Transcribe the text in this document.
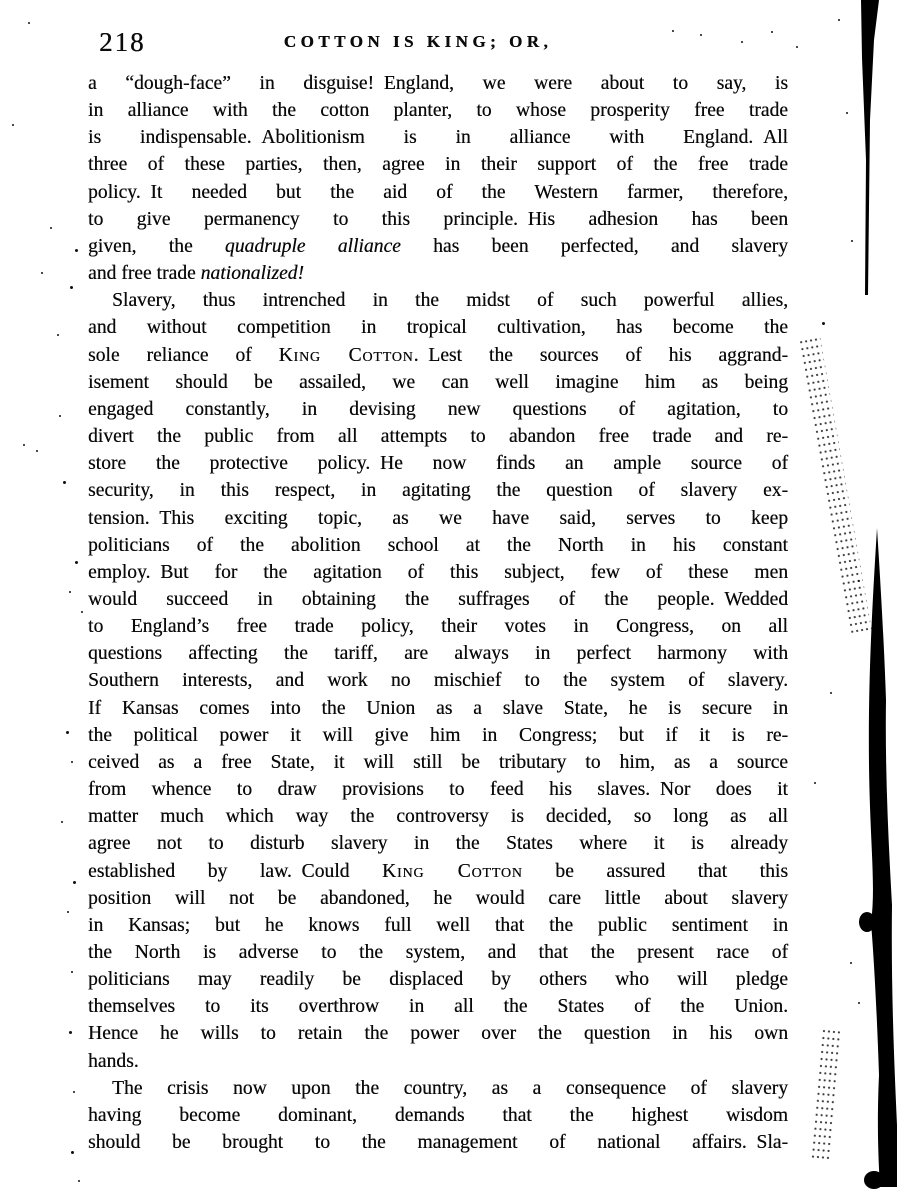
218	COTTON IS KING; OR,
a “dough-face” in disguise! England, we were about to say, is
in alliance with the cotton planter, to whose prosperity free trade
is indispensable. Abolitionism is in alliance with England. All
three of these parties, then, agree in their support of the free trade
policy. It needed but the aid of the Western farmer, therefore,
to give permanency to this principle. His adhesion has been
given, the quadruple alliance has been perfected, and slavery
and free trade nationalized!
Slavery, thus intrenched in the midst of such powerful allies,
and without competition in tropical cultivation, has become the
sole reliance of King Cotton. Lest the sources of his aggrand-
isement should be assailed, we can well imagine him as being
engaged constantly, in devising new questions of agitation, to
divert the public from all attempts to abandon free trade and re-
store the protective policy. He now finds an ample source of
security, in this respect, in agitating the question of slavery ex-
tension. This exciting topic, as we have said, serves to keep
politicians of the abolition school at the North in his constant
employ. But for the agitation of this subject, few of these men
would succeed in obtaining the suffrages of the people. Wedded
to England’s free trade policy, their votes in Congress, on all
questions affecting the tariff, are always in perfect harmony with
Southern interests, and work no mischief to the system of slavery.
If Kansas comes into the Union as a slave State, he is secure in
the political power it will give him in Congress; but if it is re-
ceived as a free State, it will still be tributary to him, as a source
from whence to draw provisions to feed his slaves. Nor does it
matter much which way the controversy is decided, so long as all
agree not to disturb slavery in the States where it is already
established by law. Could King Cotton be assured that this
position will not be abandoned, he would care little about slavery
in Kansas; but he knows full well that the public sentiment in
the North is adverse to the system, and that the present race of
politicians may readily be displaced by others who will pledge
themselves to its overthrow in all the States of the Union.
Hence he wills to retain the power over the question in his own
hands.
The crisis now upon the country, as a consequence of slavery
having become dominant, demands that the highest wisdom
should be brought to the management of national affairs. Sla-
